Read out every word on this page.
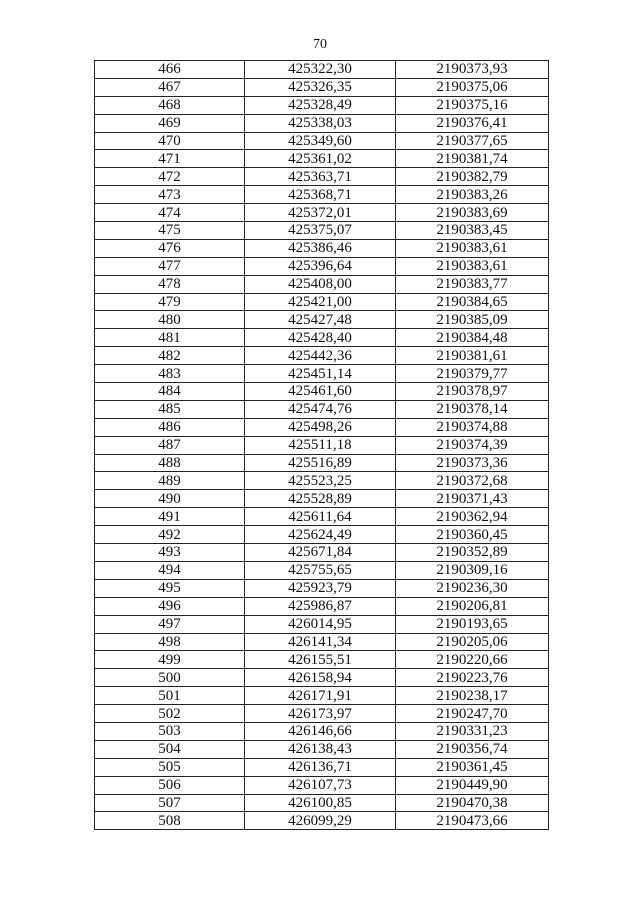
70
466	425322,30	2190373,93
467	425326,35	2190375,06
468	425328,49	2190375,16
469	425338,03	2190376,41
470	425349,60	2190377,65
471	425361,02	2190381,74
472	425363,71	2190382,79
473	425368,71	2190383,26
474	425372,01	2190383,69
475	425375,07	2190383,45
476	425386,46	2190383,61
477	425396,64	2190383,61
478	425408,00	2190383,77
479	425421,00	2190384,65
480	425427,48	2190385,09
481	425428,40	2190384,48
482	425442,36	2190381,61
483	425451,14	2190379,77
484	425461,60	2190378,97
485	425474,76	2190378,14
486	425498,26	2190374,88
487	425511,18	2190374,39
488	425516,89	2190373,36
489	425523,25	2190372,68
490	425528,89	2190371,43
491	425611,64	2190362,94
492	425624,49	2190360,45
493	425671,84	2190352,89
494	425755,65	2190309,16
495	425923,79	2190236,30
496	425986,87	2190206,81
497	426014,95	2190193,65
498	426141,34	2190205,06
499	426155,51	2190220,66
500	426158,94	2190223,76
501	426171,91	2190238,17
502	426173,97	2190247,70
503	426146,66	2190331,23
504	426138,43	2190356,74
505	426136,71	2190361,45
506	426107,73	2190449,90
507	426100,85	2190470,38
508	426099,29	2190473,66
